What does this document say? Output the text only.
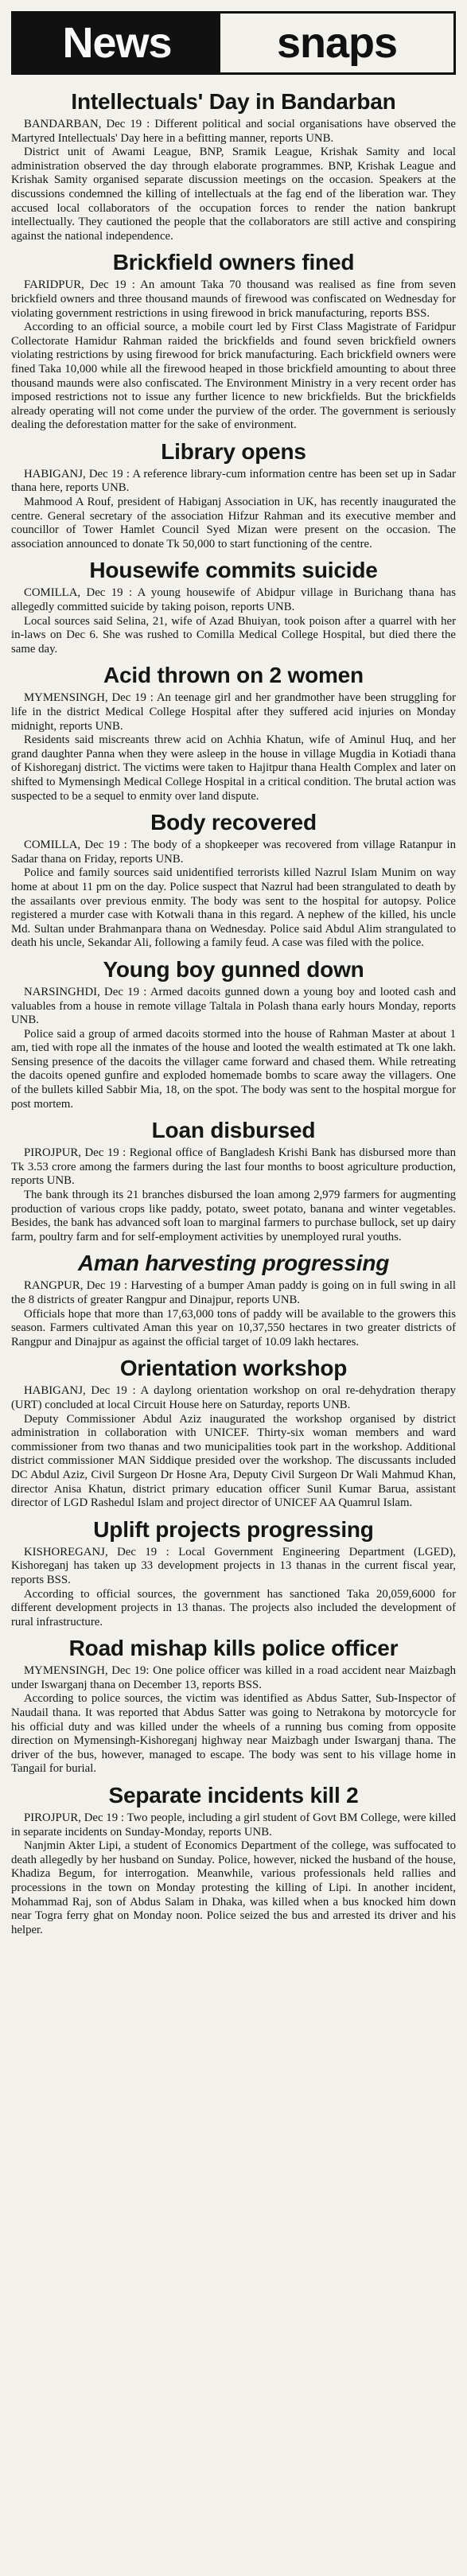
News	snaps
Intellectuals' Day in Bandarban

BANDARBAN, Dec 19 : Different political and social organisations have observed the Martyred Intellectuals' Day here in a befitting manner, reports UNB.

District unit of Awami League, BNP, Sramik League, Krishak Samity and local administration observed the day through elaborate programmes. BNP, Krishak League and Krishak Samity organised separate discussion meetings on the occasion. Speakers at the discussions condemned the killing of intellectuals at the fag end of the liberation war. They accused local collaborators of the occupation forces to render the nation bankrupt intellectually. They cautioned the people that the collaborators are still active and conspiring against the national independence.

Brickfield owners fined

FARIDPUR, Dec 19 : An amount Taka 70 thousand was realised as fine from seven brickfield owners and three thousand maunds of firewood was confiscated on Wednesday for violating government restrictions in using firewood in brick manufacturing, reports BSS.

According to an official source, a mobile court led by First Class Magistrate of Faridpur Collectorate Hamidur Rahman raided the brickfields and found seven brickfield owners violating restrictions by using firewood for brick manufacturing. Each brickfield owners were fined Taka 10,000 while all the firewood heaped in those brickfield amounting to about three thousand maunds were also confiscated. The Environment Ministry in a very recent order has imposed restrictions not to issue any further licence to new brickfields. But the brickfields already operating will not come under the purview of the order. The government is seriously dealing the deforestation matter for the sake of environment.

Library opens

HABIGANJ, Dec 19 : A reference library-cum information centre has been set up in Sadar thana here, reports UNB.

Mahmood A Rouf, president of Habiganj Association in UK, has recently inaugurated the centre. General secretary of the association Hifzur Rahman and its executive member and councillor of Tower Hamlet Council Syed Mizan were present on the occasion. The association announced to donate Tk 50,000 to start functioning of the centre.

Housewife commits suicide

COMILLA, Dec 19 : A young housewife of Abidpur village in Burichang thana has allegedly committed suicide by taking poison, reports UNB.

Local sources said Selina, 21, wife of Azad Bhuiyan, took poison after a quarrel with her in-laws on Dec 6. She was rushed to Comilla Medical College Hospital, but died there the same day.

Acid thrown on 2 women

MYMENSINGH, Dec 19 : An teenage girl and her grandmother have been struggling for life in the district Medical College Hospital after they suffered acid injuries on Monday midnight, reports UNB.

Residents said miscreants threw acid on Achhia Khatun, wife of Aminul Huq, and her grand daughter Panna when they were asleep in the house in village Mugdia in Kotiadi thana of Kishoreganj district. The victims were taken to Hajitpur thana Health Complex and later on shifted to Mymensingh Medical College Hospital in a critical condition. The brutal action was suspected to be a sequel to enmity over land dispute.

Body recovered

COMILLA, Dec 19 : The body of a shopkeeper was recovered from village Ratanpur in Sadar thana on Friday, reports UNB.

Police and family sources said unidentified terrorists killed Nazrul Islam Munim on way home at about 11 pm on the day. Police suspect that Nazrul had been strangulated to death by the assailants over previous enmity. The body was sent to the hospital for autopsy. Police registered a murder case with Kotwali thana in this regard. A nephew of the killed, his uncle Md. Sultan under Brahmanpara thana on Wednesday. Police said Abdul Alim strangulated to death his uncle, Sekandar Ali, following a family feud. A case was filed with the police.

Young boy gunned down

NARSINGHDI, Dec 19 : Armed dacoits gunned down a young boy and looted cash and valuables from a house in remote village Taltala in Polash thana early hours Monday, reports UNB.

Police said a group of armed dacoits stormed into the house of Rahman Master at about 1 am, tied with rope all the inmates of the house and looted the wealth estimated at Tk one lakh. Sensing presence of the dacoits the villager came forward and chased them. While retreating the dacoits opened gunfire and exploded homemade bombs to scare away the villagers. One of the bullets killed Sabbir Mia, 18, on the spot. The body was sent to the hospital morgue for post mortem.

Loan disbursed

PIROJPUR, Dec 19 : Regional office of Bangladesh Krishi Bank has disbursed more than Tk 3.53 crore among the farmers during the last four months to boost agriculture production, reports UNB.

The bank through its 21 branches disbursed the loan among 2,979 farmers for augmenting production of various crops like paddy, potato, sweet potato, banana and winter vegetables. Besides, the bank has advanced soft loan to marginal farmers to purchase bullock, set up dairy farm, poultry farm and for self-employment activities by unemployed rural youths.

Aman harvesting progressing

RANGPUR, Dec 19 : Harvesting of a bumper Aman paddy is going on in full swing in all the 8 districts of greater Rangpur and Dinajpur, reports UNB.

Officials hope that more than 17,63,000 tons of paddy will be available to the growers this season. Farmers cultivated Aman this year on 10,37,550 hectares in two greater districts of Rangpur and Dinajpur as against the official target of 10.09 lakh hectares.

Orientation workshop

HABIGANJ, Dec 19 : A daylong orientation workshop on oral re-dehydration therapy (URT) concluded at local Circuit House here on Saturday, reports UNB.

Deputy Commissioner Abdul Aziz inaugurated the workshop organised by district administration in collaboration with UNICEF. Thirty-six woman members and ward commissioner from two thanas and two municipalities took part in the workshop. Additional district commissioner MAN Siddique presided over the workshop. The discussants included DC Abdul Aziz, Civil Surgeon Dr Hosne Ara, Deputy Civil Surgeon Dr Wali Mahmud Khan, director Anisa Khatun, district primary education officer Sunil Kumar Barua, assistant director of LGD Rashedul Islam and project director of UNICEF AA Quamrul Islam.

Uplift projects progressing

KISHOREGANJ, Dec 19 : Local Government Engineering Department (LGED), Kishoreganj has taken up 33 development projects in 13 thanas in the current fiscal year, reports BSS.

According to official sources, the government has sanctioned Taka 20,059,6000 for different development projects in 13 thanas. The projects also included the development of rural infrastructure.

Road mishap kills police officer

MYMENSINGH, Dec 19: One police officer was killed in a road accident near Maizbagh under Iswarganj thana on December 13, reports BSS.

According to police sources, the victim was identified as Abdus Satter, Sub-Inspector of Naudail thana. It was reported that Abdus Satter was going to Netrakona by motorcycle for his official duty and was killed under the wheels of a running bus coming from opposite direction on Mymensingh-Kishoreganj highway near Maizbagh under Iswarganj thana. The driver of the bus, however, managed to escape. The body was sent to his village home in Tangail for burial.

Separate incidents kill 2

PIROJPUR, Dec 19 : Two people, including a girl student of Govt BM College, were killed in separate incidents on Sunday-Monday, reports UNB.

Nanjmin Akter Lipi, a student of Economics Department of the college, was suffocated to death allegedly by her husband on Sunday. Police, however, nicked the husband of the house, Khadiza Begum, for interrogation. Meanwhile, various professionals held rallies and processions in the town on Monday protesting the killing of Lipi. In another incident, Mohammad Raj, son of Abdus Salam in Dhaka, was killed when a bus knocked him down near Togra ferry ghat on Monday noon. Police seized the bus and arrested its driver and his helper.
